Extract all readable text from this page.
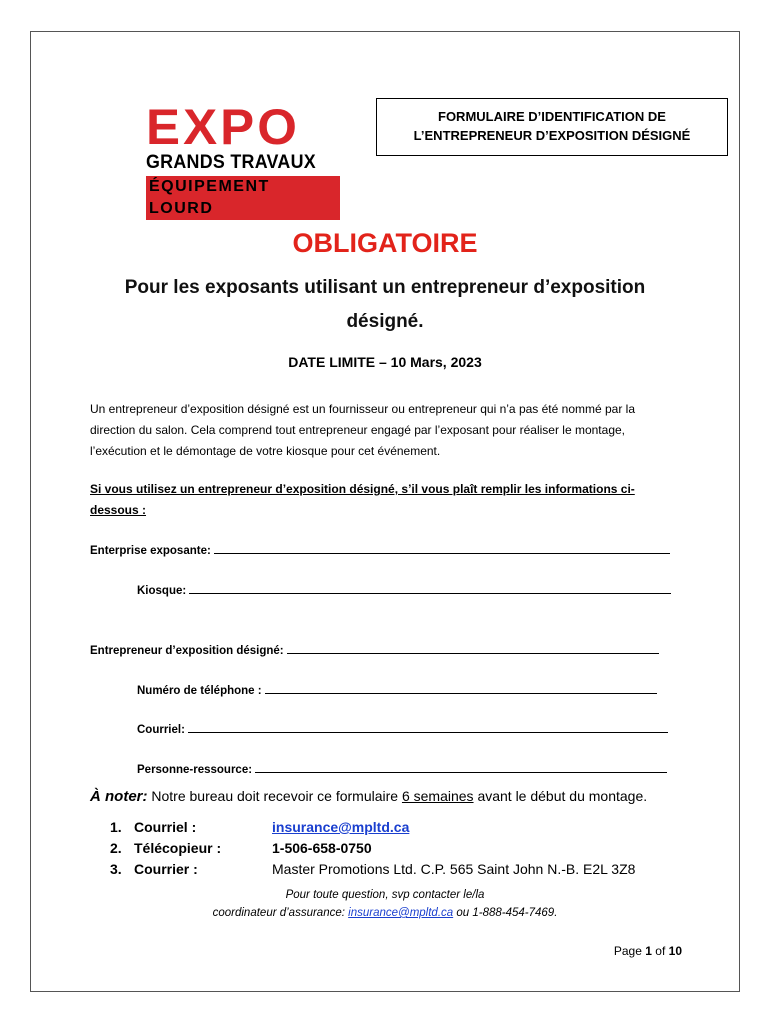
EXPO
GRANDS TRAVAUX
ÉQUIPEMENT LOURD
FORMULAIRE D’IDENTIFICATION DE
L’ENTREPRENEUR D’EXPOSITION DÉSIGNÉ
OBLIGATOIRE
Pour les exposants utilisant un entrepreneur d’exposition désigné.
DATE LIMITE – 10 Mars, 2023
Un entrepreneur d’exposition désigné est un fournisseur ou entrepreneur qui n’a pas été nommé par la direction du salon. Cela comprend tout entrepreneur engagé par l’exposant pour réaliser le montage, l’exécution et le démontage de votre kiosque pour cet événement.
Si vous utilisez un entrepreneur d’exposition désigné, s’il vous plaît remplir les informations ci-dessous :
Enterprise exposante:
Kiosque:
Entrepreneur d’exposition désigné:
Numéro de téléphone :
Courriel:
Personne-ressource:
À noter: Notre bureau doit recevoir ce formulaire 6 semaines avant le début du montage.
1. Courriel :	insurance@mpltd.ca
2. Télécopieur :	1-506-658-0750
3. Courrier :	Master Promotions Ltd. C.P. 565 Saint John N.-B. E2L 3Z8
Pour toute question, svp contacter le/la
coordinateur d’assurance: insurance@mpltd.ca ou 1-888-454-7469.
Page 1 of 10
